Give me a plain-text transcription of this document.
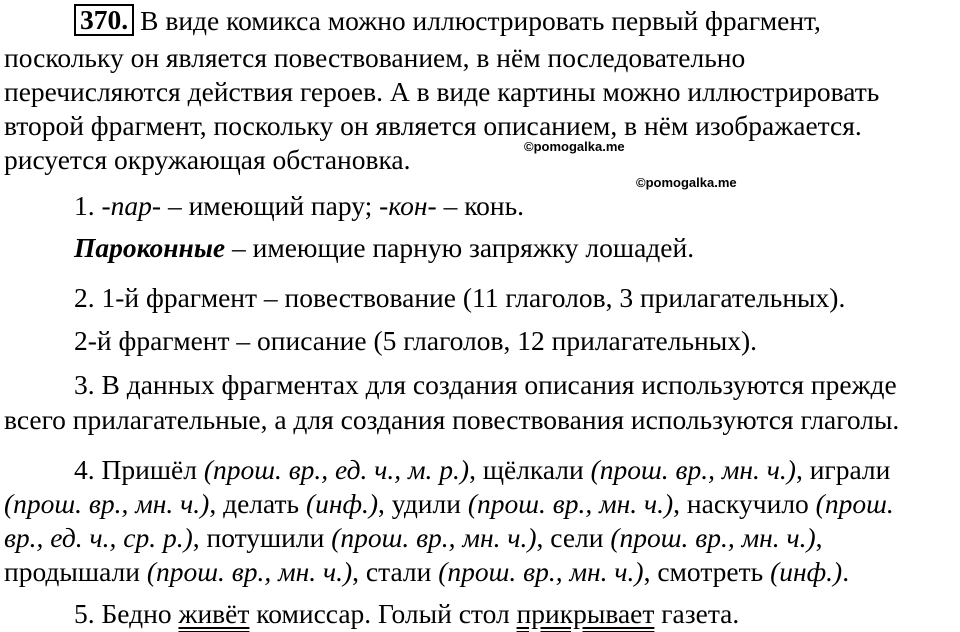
370. В виде комикса можно иллюстрировать первый фрагмент,
поскольку он является повествованием, в нём последовательно
перечисляются действия героев. А в виде картины можно иллюстрировать
второй фрагмент, поскольку он является описанием, в нём изображается.
©pomogalka.me
рисуется окружающая обстановка.
©pomogalka.me
1. -пар- – имеющий пару; -кон- – конь.
Пароконные – имеющие парную запряжку лошадей.
2. 1-й фрагмент – повествование (11 глаголов, 3 прилагательных).
2-й фрагмент – описание (5 глаголов, 12 прилагательных).
3. В данных фрагментах для создания описания используются прежде
всего прилагательные, а для создания повествования используются глаголы.
4. Пришёл (прош. вр., ед. ч., м. р.), щёлкали (прош. вр., мн. ч.), играли
(прош. вр., мн. ч.), делать (инф.), удили (прош. вр., мн. ч.), наскучило (прош.
вр., ед. ч., ср. р.), потушили (прош. вр., мн. ч.), сели (прош. вр., мн. ч.),
продышали (прош. вр., мн. ч.), стали (прош. вр., мн. ч.), смотреть (инф.).
5. Бедно живёт комиссар. Голый стол прикрывает газета.
